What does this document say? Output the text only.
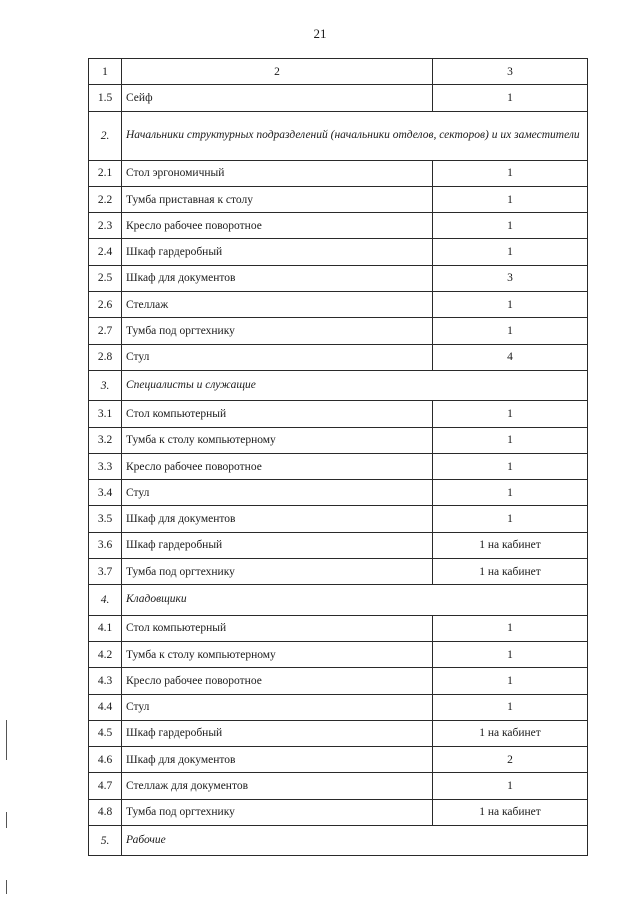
21
1	2	3
1.5	Сейф	1
2.	Начальники структурных подразделений (начальники отделов, секторов) и их заместители	
2.1	Стол эргономичный	1
2.2	Тумба приставная к столу	1
2.3	Кресло рабочее поворотное	1
2.4	Шкаф гардеробный	1
2.5	Шкаф для документов	3
2.6	Стеллаж	1
2.7	Тумба под оргтехнику	1
2.8	Стул	4
3.	Специалисты и служащие	
3.1	Стол компьютерный	1
3.2	Тумба к столу компьютерному	1
3.3	Кресло рабочее поворотное	1
3.4	Стул	1
3.5	Шкаф для документов	1
3.6	Шкаф гардеробный	1 на кабинет
3.7	Тумба под оргтехнику	1 на кабинет
4.	Кладовщики	
4.1	Стол компьютерный	1
4.2	Тумба к столу компьютерному	1
4.3	Кресло рабочее поворотное	1
4.4	Стул	1
4.5	Шкаф гардеробный	1 на кабинет
4.6	Шкаф для документов	2
4.7	Стеллаж для документов	1
4.8	Тумба под оргтехнику	1 на кабинет
5.	Рабочие	
